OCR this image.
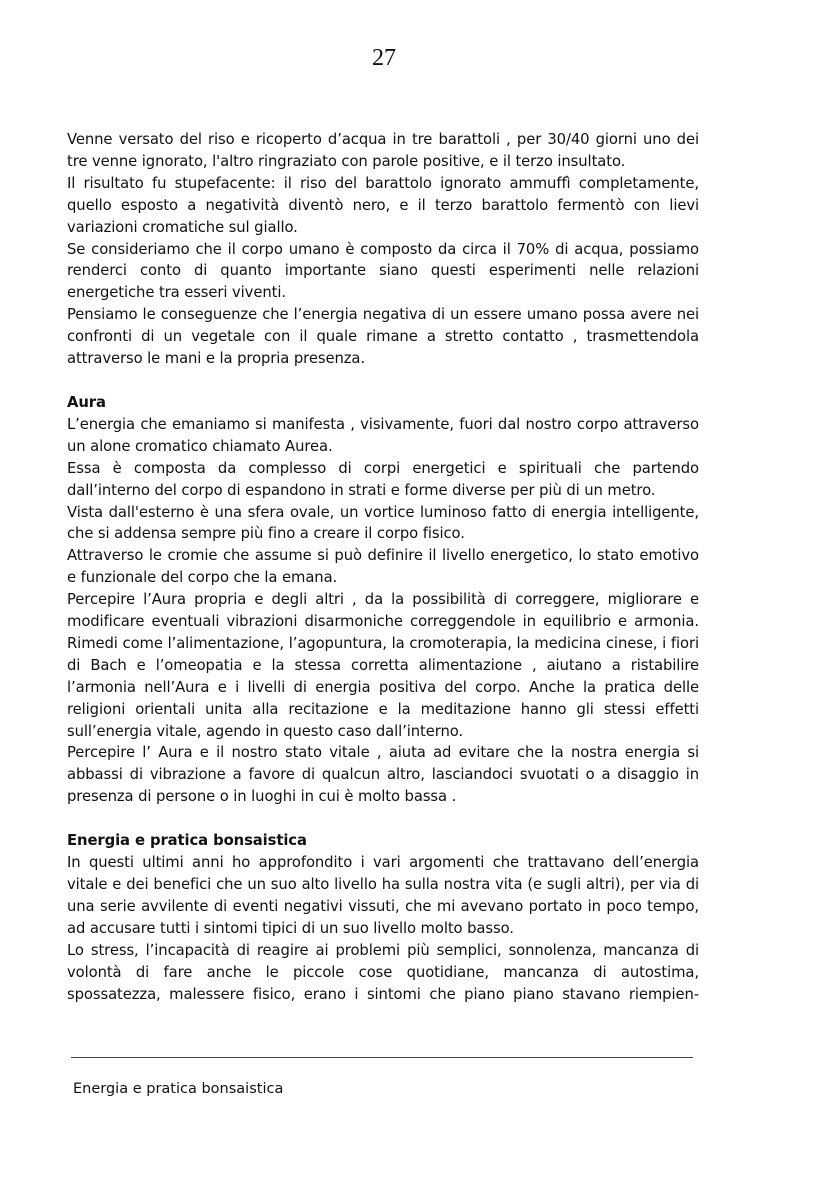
27

Venne versato del riso e ricoperto d’acqua in tre barattoli , per 30/40 giorni uno dei tre venne ignorato, l'altro ringraziato con parole positive, e il terzo insultato.

Il risultato fu stupefacente: il riso del barattolo ignorato ammuffì completamente, quello esposto a negatività diventò nero, e il terzo barattolo fermentò con lievi variazioni cromatiche sul giallo.

Se consideriamo che il corpo umano è composto da circa il 70% di acqua, possiamo renderci conto di quanto importante siano questi esperimenti nelle relazioni energetiche tra esseri viventi.

Pensiamo le conseguenze che l’energia negativa di un essere umano possa avere nei confronti di un vegetale con il quale rimane a stretto contatto , trasmettendola attraverso le mani e la propria presenza.

Aura

L’energia che emaniamo si manifesta , visivamente, fuori dal nostro corpo attraverso un alone cromatico chiamato Aurea.

Essa è composta da complesso di corpi energetici e spirituali che partendo dall’interno del corpo di espandono in strati e forme diverse per più di un metro.

Vista dall'esterno è una sfera ovale, un vortice luminoso fatto di energia intelligente, che si addensa sempre più fino a creare il corpo fisico.

Attraverso le cromie che assume si può definire il livello energetico, lo stato emotivo e funzionale del corpo che la emana.

Percepire l’Aura propria e degli altri , da la possibilità di correggere, migliorare e modificare eventuali vibrazioni disarmoniche correggendole in equilibrio e armonia. Rimedi come l’alimentazione, l’agopuntura, la cromoterapia, la medicina cinese, i fiori di Bach e l’omeopatia e la stessa corretta alimentazione , aiutano a ristabilire l’armonia nell’Aura e i livelli di energia positiva del corpo. Anche la pratica delle religioni orientali unita alla recitazione e la meditazione hanno gli stessi effetti sull’energia vitale, agendo in questo caso dall’interno.

Percepire l’ Aura e il nostro stato vitale , aiuta ad evitare che la nostra energia si abbassi di vibrazione a favore di qualcun altro, lasciandoci svuotati o a disaggio in presenza di persone o in luoghi in cui è molto bassa .

Energia e pratica bonsaistica

In questi ultimi anni ho approfondito i vari argomenti che trattavano dell’energia vitale e dei benefici che un suo alto livello ha sulla nostra vita (e sugli altri), per via di una serie avvilente di eventi negativi vissuti, che mi avevano portato in poco tempo, ad accusare tutti i sintomi tipici di un suo livello molto basso.

Lo stress, l’incapacità di reagire ai problemi più semplici, sonnolenza, mancanza di volontà di fare anche le piccole cose quotidiane, mancanza di autostima, spossatezza, malessere fisico, erano i sintomi che piano piano stavano riempien-

Energia e pratica bonsaistica
